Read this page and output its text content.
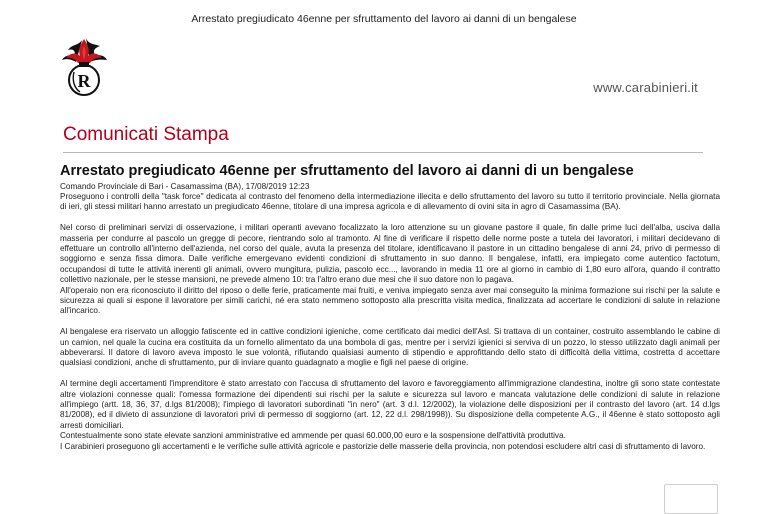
Arrestato pregiudicato 46enne per sfruttamento del lavoro ai danni di un bengalese
R	www.carabinieri.it
Comunicati Stampa
Arrestato pregiudicato 46enne per sfruttamento del lavoro ai danni di un bengalese
Comando Provinciale di Bari - Casamassima (BA), 17/08/2019 12:23

Proseguono i controlli della "task force" dedicata al contrasto del fenomeno della intermediazione illecita e dello sfruttamento del lavoro su tutto il territorio provinciale. Nella giornata di ieri, gli stessi militari hanno arrestato un pregiudicato 46enne, titolare di una impresa agricola e di allevamento di ovini sita in agro di Casamassima (BA).

Nel corso di preliminari servizi di osservazione, i militari operanti avevano focalizzato la loro attenzione su un giovane pastore il quale, fin dalle prime luci dell'alba, usciva dalla masseria per condurre al pascolo un gregge di pecore, rientrando solo al tramonto. Al fine di verificare il rispetto delle norme poste a tutela dei lavoratori, i militari decidevano di effettuare un controllo all'interno dell'azienda, nel corso del quale, avuta la presenza del titolare, identificavano il pastore in un cittadino bengalese di anni 24, privo di permesso di soggiorno e senza fissa dimora. Dalle verifiche emergevano evidenti condizioni di sfruttamento in suo danno. Il bengalese, infatti, era impiegato come autentico factotum, occupandosi di tutte le attività inerenti gli animali, ovvero mungitura, pulizia, pascolo ecc..., lavorando in media 11 ore al giorno in cambio di 1,80 euro all'ora, quando il contratto collettivo nazionale, per le stesse mansioni, ne prevede almeno 10: tra l'altro erano due mesi che il suo datore non lo pagava.

All'operaio non era riconosciuto il diritto del riposo o delle ferie, praticamente mai fruiti, e veniva impiegato senza aver mai conseguito la minima formazione sui rischi per la salute e sicurezza ai quali si espone il lavoratore per simili carichi, né era stato nemmeno sottoposto alla prescritta visita medica, finalizzata ad accertare le condizioni di salute in relazione all'incarico.

Al bengalese era riservato un alloggio fatiscente ed in cattive condizioni igieniche, come certificato dai medici dell'Asl. Si trattava di un container, costruito assemblando le cabine di un camion, nel quale la cucina era costituita da un fornello alimentato da una bombola di gas, mentre per i servizi igienici si serviva di un pozzo, lo stesso utilizzato dagli animali per abbeverarsi. Il datore di lavoro aveva imposto le sue volontà, rifiutando qualsiasi aumento di stipendio e approfittando dello stato di difficoltà della vittima, costretta d accettare qualsiasi condizioni, anche di sfruttamento, pur di inviare quanto guadagnato a moglie e figli nel paese di origine.

Al termine degli accertamenti l'imprenditore è stato arrestato con l'accusa di sfruttamento del lavoro e favoreggiamento all'immigrazione clandestina, inoltre gli sono state contestate altre violazioni connesse quali: l'omessa formazione dei dipendenti sui rischi per la salute e sicurezza sul lavoro e mancata valutazione delle condizioni di salute in relazione all'impiego (artt. 18, 36, 37, d.lgs 81/2008); l'impiego di lavoratori subordinati "in nero" (art. 3 d.l. 12/2002), la violazione delle disposizioni per il contrasto del lavoro (art. 14 d.lgs 81/2008), ed il divieto di assunzione di lavoratori privi di permesso di soggiorno (art. 12, 22 d.l. 298/1998)). Su disposizione della competente A.G., il 46enne è stato sottoposto agli arresti domiciliari.

Contestualmente sono state elevate sanzioni amministrative ed ammende per quasi 60.000,00 euro e la sospensione dell'attività produttiva.

I Carabinieri proseguono gli accertamenti e le verifiche sulle attività agricole e pastorizie delle masserie della provincia, non potendosi escludere altri casi di sfruttamento di lavoro.
